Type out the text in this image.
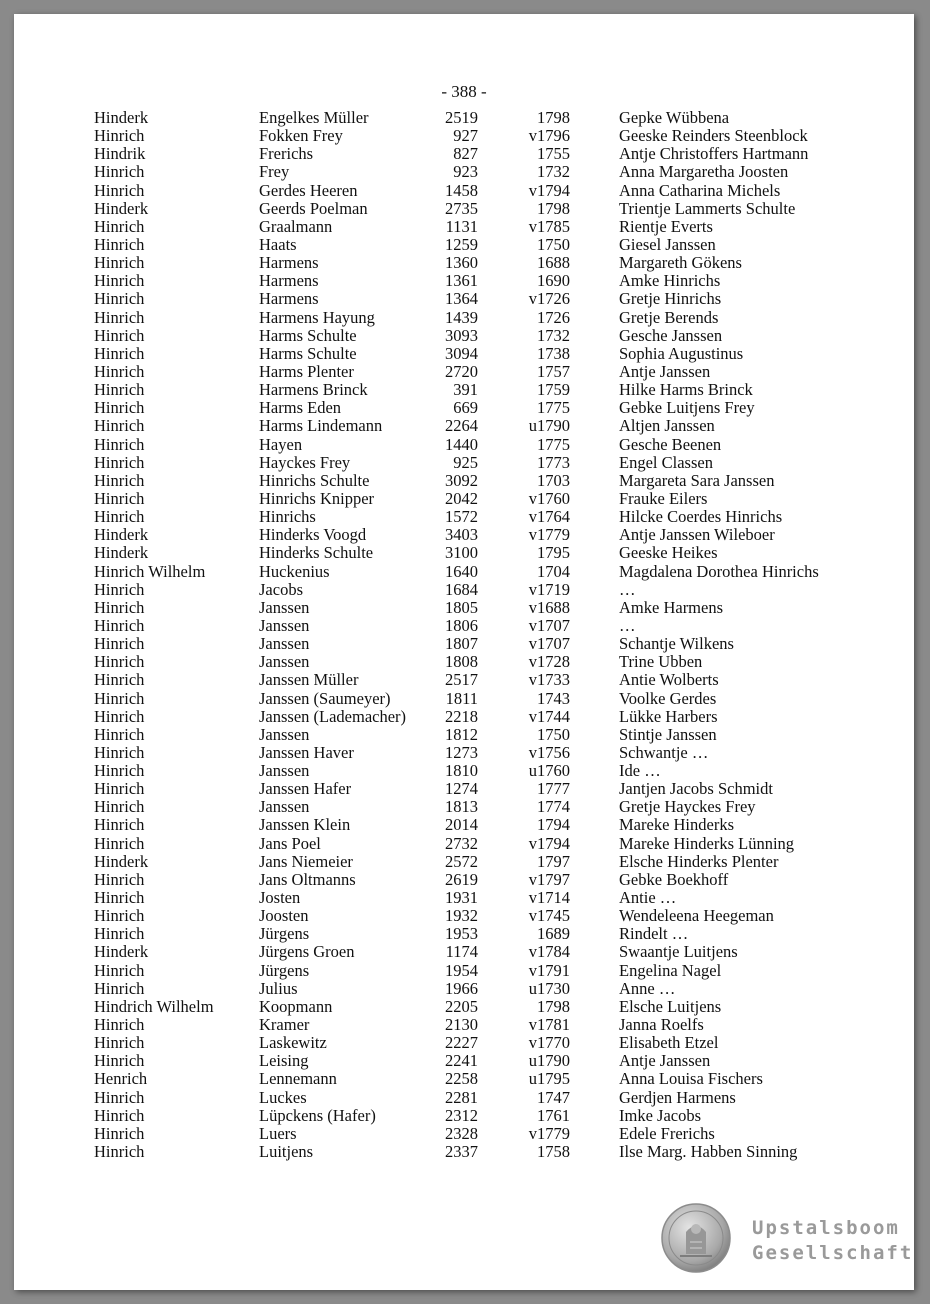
- 388 -
Hinderk	Engelkes Müller	2519	1798	Gepke Wübbena
Hinrich	Fokken Frey	927	v1796	Geeske Reinders Steenblock
Hindrik	Frerichs	827	1755	Antje Christoffers Hartmann
Hinrich	Frey	923	1732	Anna Margaretha Joosten
Hinrich	Gerdes Heeren	1458	v1794	Anna Catharina Michels
Hinderk	Geerds Poelman	2735	1798	Trientje Lammerts Schulte
Hinrich	Graalmann	1131	v1785	Rientje Everts
Hinrich	Haats	1259	1750	Giesel Janssen
Hinrich	Harmens	1360	1688	Margareth Gökens
Hinrich	Harmens	1361	1690	Amke Hinrichs
Hinrich	Harmens	1364	v1726	Gretje Hinrichs
Hinrich	Harmens Hayung	1439	1726	Gretje Berends
Hinrich	Harms Schulte	3093	1732	Gesche Janssen
Hinrich	Harms Schulte	3094	1738	Sophia Augustinus
Hinrich	Harms Plenter	2720	1757	Antje Janssen
Hinrich	Harmens Brinck	391	1759	Hilke Harms Brinck
Hinrich	Harms Eden	669	1775	Gebke Luitjens Frey
Hinrich	Harms Lindemann	2264	u1790	Altjen Janssen
Hinrich	Hayen	1440	1775	Gesche Beenen
Hinrich	Hayckes Frey	925	1773	Engel Classen
Hinrich	Hinrichs Schulte	3092	1703	Margareta Sara Janssen
Hinrich	Hinrichs Knipper	2042	v1760	Frauke Eilers
Hinrich	Hinrichs	1572	v1764	Hilcke Coerdes Hinrichs
Hinderk	Hinderks Voogd	3403	v1779	Antje Janssen Wileboer
Hinderk	Hinderks Schulte	3100	1795	Geeske Heikes
Hinrich Wilhelm	Huckenius	1640	1704	Magdalena Dorothea Hinrichs
Hinrich	Jacobs	1684	v1719	…
Hinrich	Janssen	1805	v1688	Amke Harmens
Hinrich	Janssen	1806	v1707	…
Hinrich	Janssen	1807	v1707	Schantje Wilkens
Hinrich	Janssen	1808	v1728	Trine Ubben
Hinrich	Janssen Müller	2517	v1733	Antie Wolberts
Hinrich	Janssen (Saumeyer)	1811	1743	Voolke Gerdes
Hinrich	Janssen (Lademacher)	2218	v1744	Lükke Harbers
Hinrich	Janssen	1812	1750	Stintje Janssen
Hinrich	Janssen Haver	1273	v1756	Schwantje …
Hinrich	Janssen	1810	u1760	Ide …
Hinrich	Janssen Hafer	1274	1777	Jantjen Jacobs Schmidt
Hinrich	Janssen	1813	1774	Gretje Hayckes Frey
Hinrich	Janssen Klein	2014	1794	Mareke Hinderks
Hinrich	Jans Poel	2732	v1794	Mareke Hinderks Lünning
Hinderk	Jans Niemeier	2572	1797	Elsche Hinderks Plenter
Hinrich	Jans Oltmanns	2619	v1797	Gebke Boekhoff
Hinrich	Josten	1931	v1714	Antie …
Hinrich	Joosten	1932	v1745	Wendeleena Heegeman
Hinrich	Jürgens	1953	1689	Rindelt …
Hinderk	Jürgens Groen	1174	v1784	Swaantje Luitjens
Hinrich	Jürgens	1954	v1791	Engelina Nagel
Hinrich	Julius	1966	u1730	Anne …
Hindrich Wilhelm	Koopmann	2205	1798	Elsche Luitjens
Hinrich	Kramer	2130	v1781	Janna Roelfs
Hinrich	Laskewitz	2227	v1770	Elisabeth Etzel
Hinrich	Leising	2241	u1790	Antje Janssen
Henrich	Lennemann	2258	u1795	Anna Louisa Fischers
Hinrich	Luckes	2281	1747	Gerdjen Harmens
Hinrich	Lüpckens (Hafer)	2312	1761	Imke Jacobs
Hinrich	Luers	2328	v1779	Edele Frerichs
Hinrich	Luitjens	2337	1758	Ilse Marg. Habben Sinning
Upstalsboom
Gesellschaft
